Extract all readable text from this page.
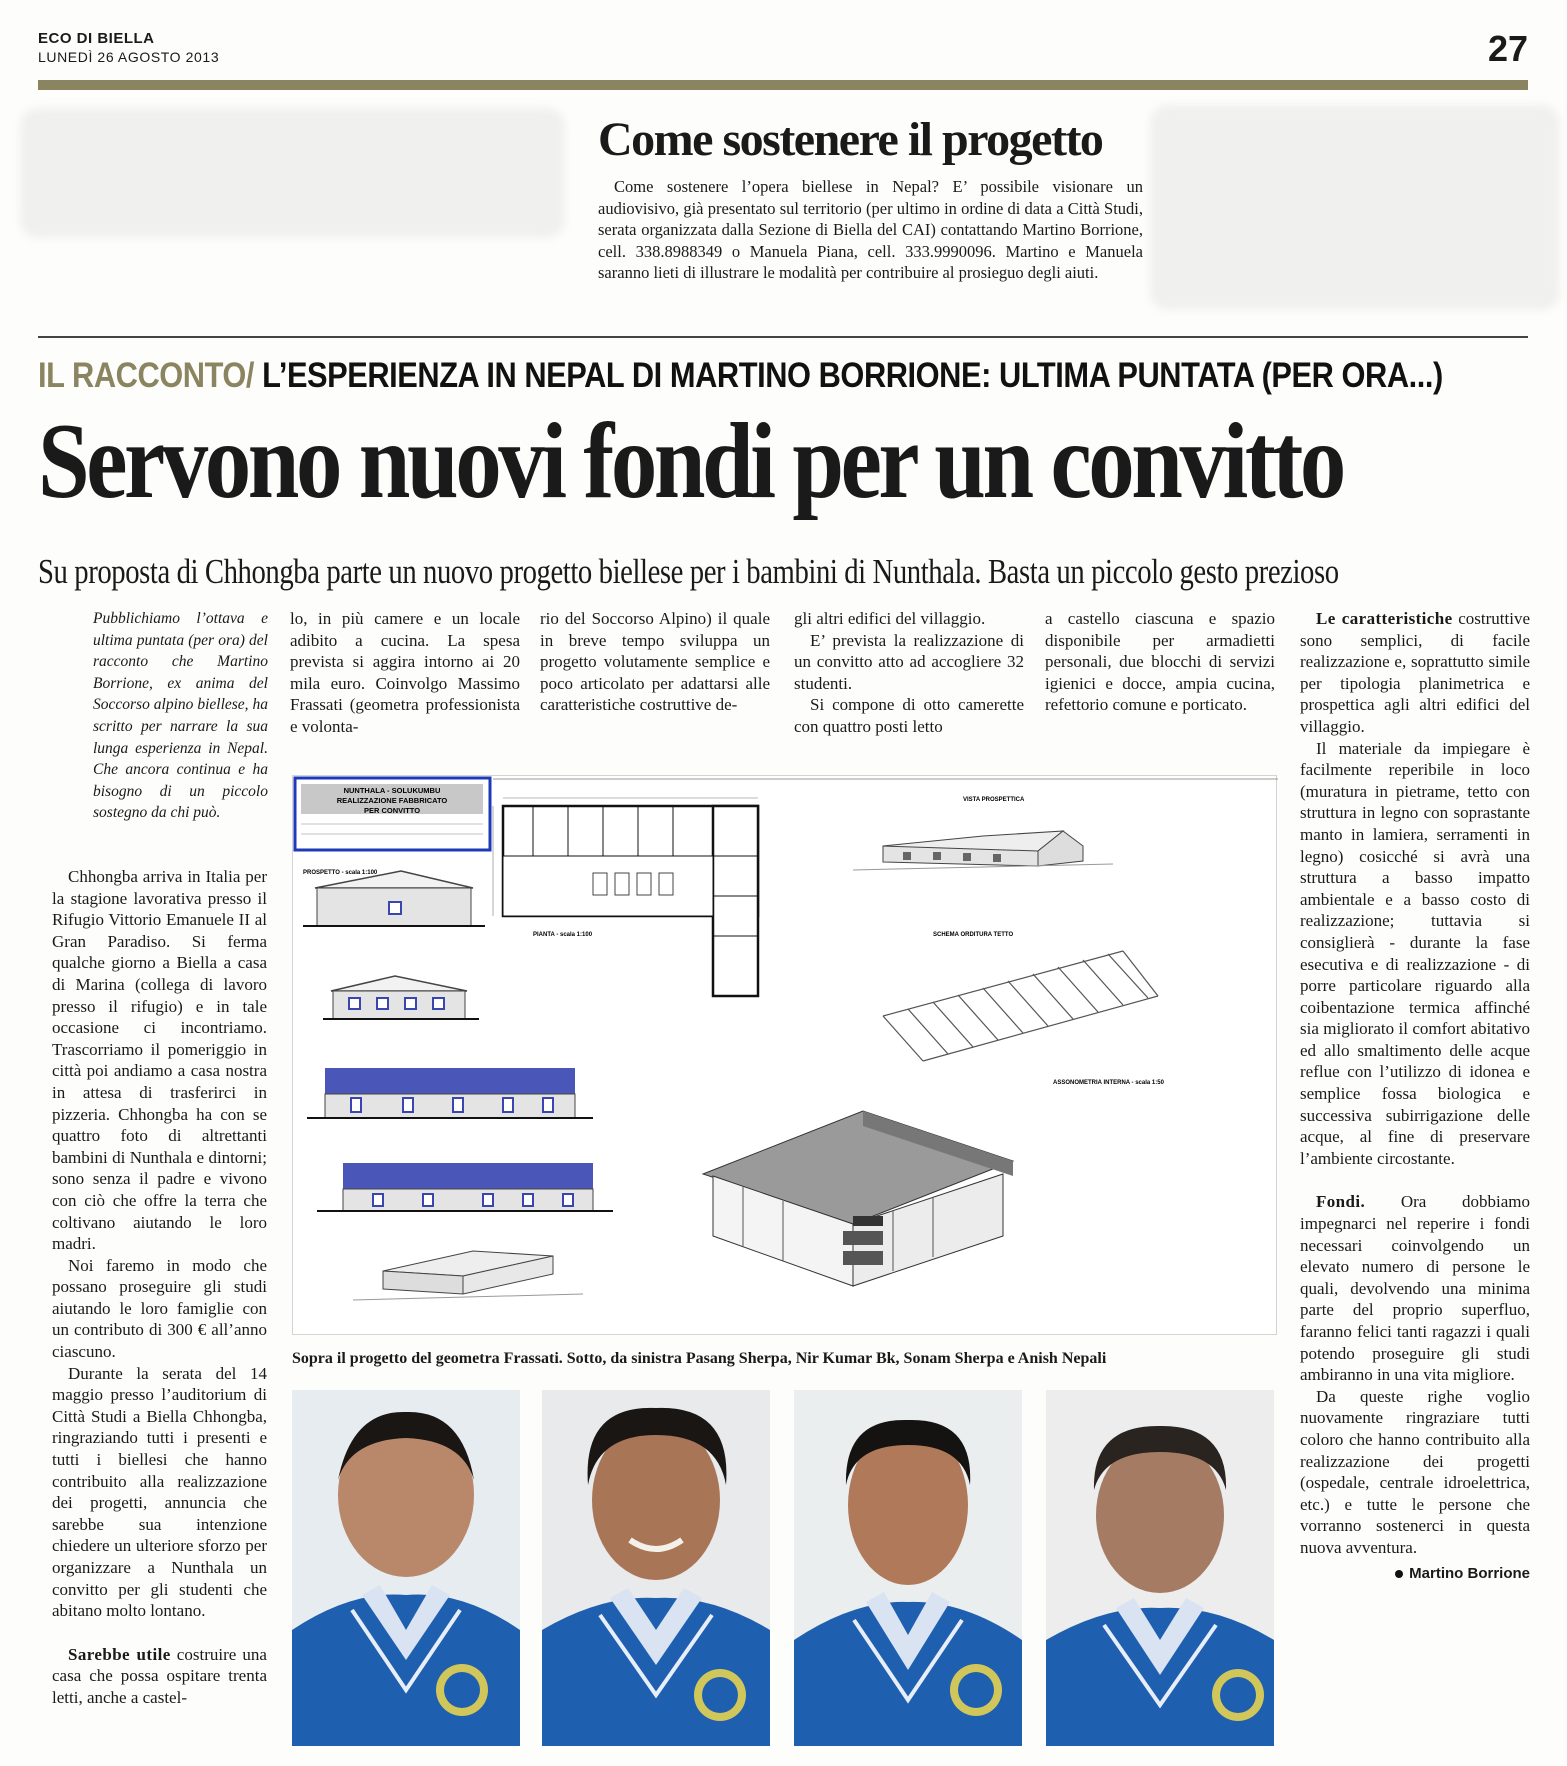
ECO DI BIELLA
LUNEDÌ 26 AGOSTO 2013	27
Come sostenere il progetto
Come sostenere l’opera biellese in Nepal? E’ possibile visionare un audiovisivo, già presentato sul territorio (per ultimo in ordine di data a Città Studi, serata organizzata dalla Sezione di Biella del CAI) contattando Martino Borrione, cell. 338.8988349 o Manuela Piana, cell. 333.9990096. Martino e Manuela saranno lieti di illustrare le modalità per contribuire al prosieguo degli aiuti.
IL RACCONTO/ L’ESPERIENZA IN NEPAL DI MARTINO BORRIONE: ULTIMA PUNTATA (PER ORA...)
Servono nuovi fondi per un convitto
Su proposta di Chhongba parte un nuovo progetto biellese per i bambini di Nunthala. Basta un piccolo gesto prezioso
Pubblichiamo l’ottava e ultima puntata (per ora) del racconto che Martino Borrione, ex anima del Soccorso alpino biellese, ha scritto per narrare la sua lunga esperienza in Nepal. Che ancora continua e ha bisogno di un piccolo sostegno da chi può.

Chhongba arriva in Italia per la stagione lavorativa presso il Rifugio Vittorio Emanuele II al Gran Paradiso. Si ferma qualche giorno a Biella a casa di Marina (collega di lavoro presso il rifugio) e in tale occasione ci incontriamo. Trascorriamo il pomeriggio in città poi andiamo a casa nostra in attesa di trasferirci in pizzeria. Chhongba ha con se quattro foto di altrettanti bambini di Nunthala e dintorni; sono senza il padre e vivono con ciò che offre la terra che coltivano aiutando le loro madri.

Noi faremo in modo che possano proseguire gli studi aiutando le loro famiglie con un contributo di 300 € all’anno ciascuno.

Durante la serata del 14 maggio presso l’auditorium di Città Studi a Biella Chhongba, ringraziando tutti i presenti e tutti i biellesi che hanno contribuito alla realizzazione dei progetti, annuncia che sarebbe sua intenzione chiedere un ulteriore sforzo per organizzare a Nunthala un convitto per gli studenti che abitano molto lontano.

Sarebbe utile costruire una casa che possa ospitare trenta letti, anche a castel-

lo, in più camere e un locale adibito a cucina. La spesa prevista si aggira intorno ai 20 mila euro. Coinvolgo Massimo Frassati (geometra professionista e volonta-
rio del Soccorso Alpino) il quale in breve tempo sviluppa un progetto volutamente semplice e poco articolato per adattarsi alle caratteristiche costruttive de-
gli altri edifici del villaggio.

E’ prevista la realizzazione di un convitto atto ad accogliere 32 studenti.

Si compone di otto camerette con quattro posti letto

a castello ciascuna e spazio disponibile per armadietti personali, due blocchi di servizi igienici e docce, ampia cucina, refettorio comune e porticato.

Le caratteristiche costruttive sono semplici, di facile realizzazione e, soprattutto simile per tipologia planimetrica e prospettica agli altri edifici del villaggio.

Il materiale da impiegare è facilmente reperibile in loco (muratura in pietrame, tetto con struttura in legno con soprastante manto in lamiera, serramenti in legno) cosicché si avrà una struttura a basso impatto ambientale e a basso costo di realizzazione; tuttavia si consiglierà - durante la fase esecutiva e di realizzazione - di porre particolare riguardo alla coibentazione termica affinché sia migliorato il comfort abitativo ed allo smaltimento delle acque reflue con l’utilizzo di idonea e semplice fossa biologica e successiva subirrigazione delle acque, al fine di preservare l’ambiente circostante.

Fondi. Ora dobbiamo impegnarci nel reperire i fondi necessari coinvolgendo un elevato numero di persone le quali, devolvendo una minima parte del proprio superfluo, faranno felici tanti ragazzi i quali potendo proseguire gli studi ambiranno in una vita migliore.

Da queste righe voglio nuovamente ringraziare tutti coloro che hanno contribuito alla realizzazione dei progetti (ospedale, centrale idroelettrica, etc.) e tutte le persone che vorranno sostenerci in questa nuova avventura.

Martino Borrione
NUNTHALA - SOLUKUMBU
REALIZZAZIONE FABBRICATO
PER CONVITTO
PROSPETTO - scala 1:100
PIANTA - scala 1:100
VISTA PROSPETTICA
SCHEMA ORDITURA TETTO
ASSONOMETRIA INTERNA - scala 1:50
Sopra il progetto del geometra Frassati. Sotto, da sinistra Pasang Sherpa, Nir Kumar Bk, Sonam Sherpa e Anish Nepali
